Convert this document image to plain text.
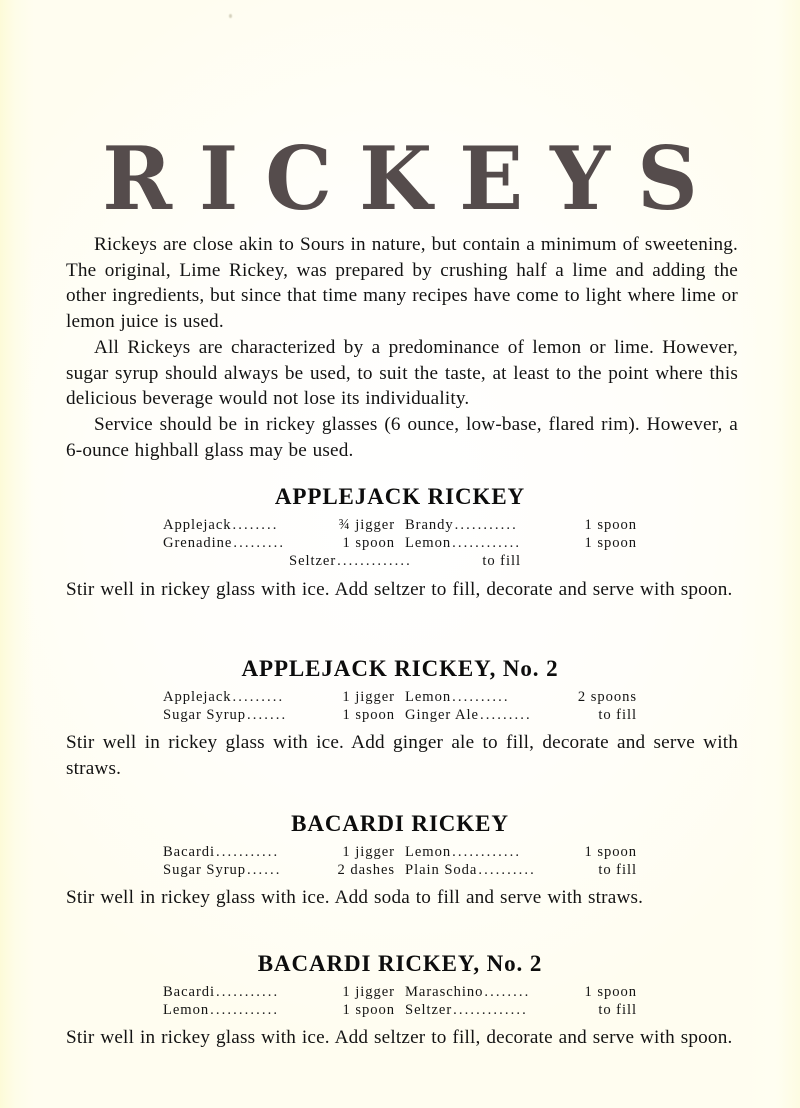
RICKEYS

Rickeys are close akin to Sours in nature, but contain a minimum of sweetening. The original, Lime Rickey, was prepared by crushing half a lime and adding the other ingredients, but since that time many recipes have come to light where lime or lemon juice is used.

All Rickeys are characterized by a predominance of lemon or lime. However, sugar syrup should always be used, to suit the taste, at least to the point where this delicious beverage would not lose its individuality.

Service should be in rickey glasses (6 ounce, low-base, flared rim). However, a 6-ounce highball glass may be used.

APPLEJACK RICKEY
Applejack ........	¾ jigger Brandy ...........	1 spoon
Grenadine .........	1 spoon Lemon ............	1 spoon
Seltzer .............	to fill
Stir well in rickey glass with ice. Add seltzer to fill, decorate and serve with spoon.
APPLEJACK RICKEY, No. 2
Applejack .........	1 jigger Lemon ..........	2 spoons
Sugar Syrup .......	1 spoon Ginger Ale .........	to fill
Stir well in rickey glass with ice. Add ginger ale to fill, decorate and serve with straws.
BACARDI RICKEY
Bacardi ...........	1 jigger Lemon ............	1 spoon
Sugar Syrup ......	2 dashes Plain Soda ..........	to fill
Stir well in rickey glass with ice. Add soda to fill and serve with straws.
BACARDI RICKEY, No. 2
Bacardi ...........	1 jigger Maraschino ........	1 spoon
Lemon ............	1 spoon Seltzer .............	to fill
Stir well in rickey glass with ice. Add seltzer to fill, decorate and serve with spoon.
